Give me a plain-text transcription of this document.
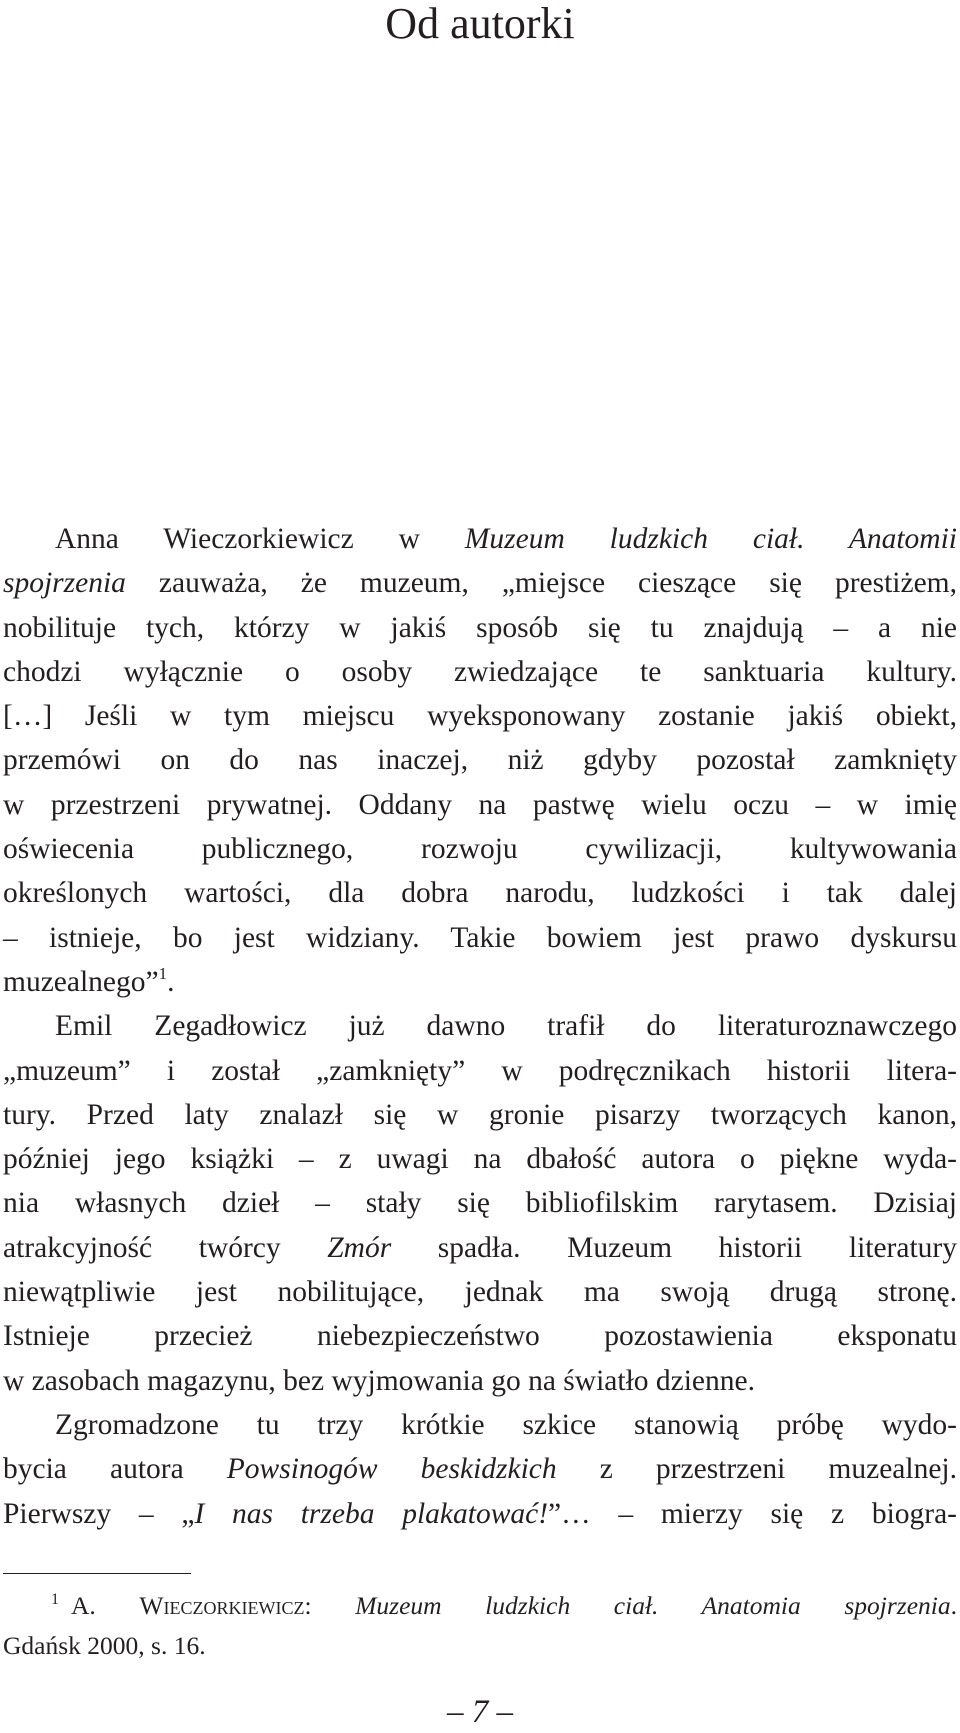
Od autorki
Anna Wieczorkiewicz w Muzeum ludzkich ciał. Anatomii
spojrzenia zauważa, że muzeum, „miejsce cieszące się prestiżem,
nobilituje tych, którzy w jakiś sposób się tu znajdują – a nie
chodzi wyłącznie o osoby zwiedzające te sanktuaria kultury.
[…] Jeśli w tym miejscu wyeksponowany zostanie jakiś obiekt,
przemówi on do nas inaczej, niż gdyby pozostał zamknięty
w przestrzeni prywatnej. Oddany na pastwę wielu oczu – w imię
oświecenia publicznego, rozwoju cywilizacji, kultywowania
określonych wartości, dla dobra narodu, ludzkości i tak dalej
– istnieje, bo jest widziany. Takie bowiem jest prawo dyskursu
muzealnego”$^1$.
Emil Zegadłowicz już dawno trafił do literaturoznawczego
„muzeum” i został „zamknięty” w podręcznikach historii litera-
tury. Przed laty znalazł się w gronie pisarzy tworzących kanon,
później jego książki – z uwagi na dbałość autora o piękne wyda-
nia własnych dzieł – stały się bibliofilskim rarytasem. Dzisiaj
atrakcyjność twórcy Zmór spadła. Muzeum historii literatury
niewątpliwie jest nobilitujące, jednak ma swoją drugą stronę.
Istnieje przecież niebezpieczeństwo pozostawienia eksponatu
w zasobach magazynu, bez wyjmowania go na światło dzienne.
Zgromadzone tu trzy krótkie szkice stanowią próbę wydo-
bycia autora Powsinogów beskidzkich z przestrzeni muzealnej.
Pierwszy – „I nas trzeba plakatować!”… – mierzy się z biogra-
$^1$ A. Wieczorkiewicz: Muzeum ludzkich ciał. Anatomia spojrzenia.
Gdańsk 2000, s. 16.
– 7 –
